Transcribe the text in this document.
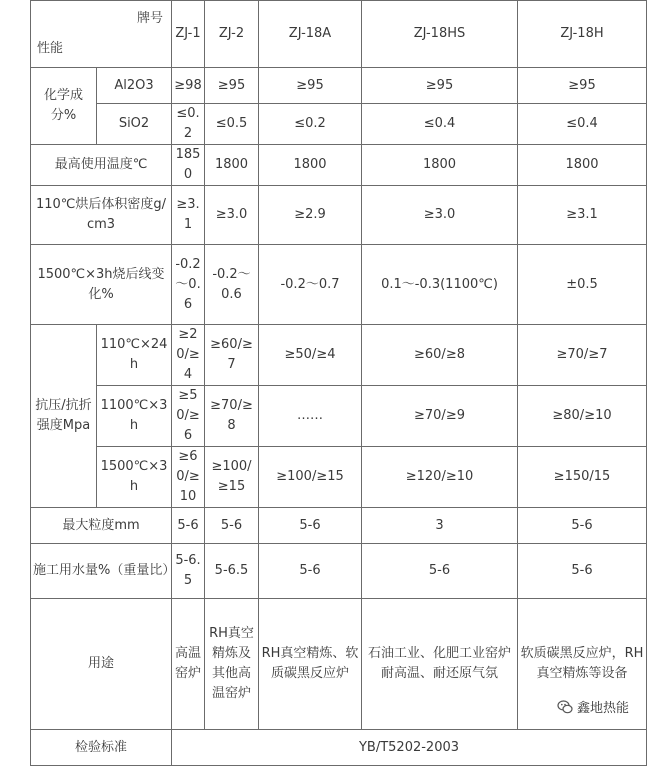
牌号
性能		ZJ-1	ZJ-2	ZJ-18A	ZJ-18HS	ZJ-18H
化学成分%	Al2O3	≥98	≥95	≥95	≥95	≥95
	SiO2	≤0.2	≤0.5	≤0.2	≤0.4	≤0.4
最高使用温度℃		1850	1800	1800	1800	1800
110℃烘后体积密度g/cm3		≥3.1	≥3.0	≥2.9	≥3.0	≥3.1
1500℃×3h烧后线变化%		-0.2～0.6	-0.2～0.6	-0.2～0.7	0.1～-0.3(1100℃)	±0.5
抗压/抗折强度Mpa	110℃×24h	≥20/≥4	≥60/≥7	≥50/≥4	≥60/≥8	≥70/≥7
	1100℃×3h	≥50/≥6	≥70/≥8	……	≥70/≥9	≥80/≥10
	1500℃×3h	≥60/≥10	≥100/≥15	≥100/≥15	≥120/≥10	≥150/15
最大粒度mm		5-6	5-6	5-6	3	5-6
施工用水量%（重量比）		5-6.5	5-6.5	5-6	5-6	5-6
用途		高温窑炉	RH真空精炼及其他高温窑炉	RH真空精炼、软质碳黑反应炉	石油工业、化肥工业窑炉耐高温、耐还原气氛	软质碳黑反应炉，RH真空精炼等设备
检验标准		YB/T5202-2003				
鑫地热能
